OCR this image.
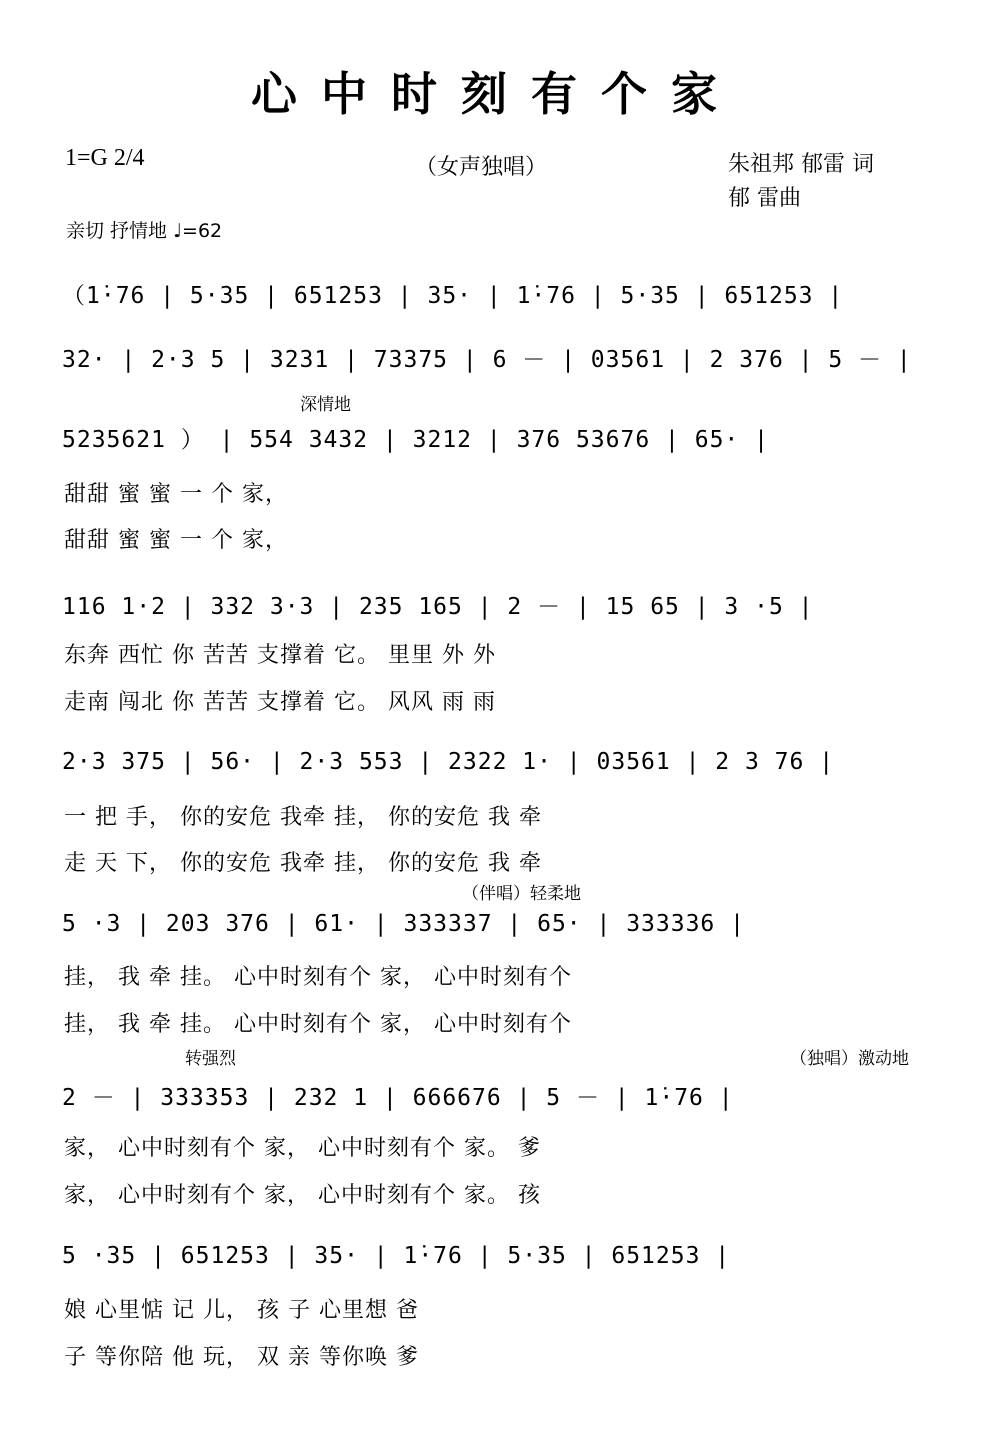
心中时刻有个家
1=G 2/4	（女声独唱）	朱祖邦 郁雷 词
郁 雷曲
亲切 抒情地 ♩=62
深情地
（伴唱）轻柔地
转强烈	（独唱）激动地
（1̇·76 | 5·35 | 651253 | 35· | 1̇·76 | 5·35 | 651253 |
32· | 2·3 5 | 3231 | 73375 | 6 － | 03561 | 2 376 | 5 － |
5235621 ） | 554 3432 | 3212 | 376 53676 | 65· |
甜甜 蜜 蜜 一 个 家，
甜甜 蜜 蜜 一 个 家，
116 1·2 | 332 3·3 | 235 165 | 2 － | 15 65 | 3 ·5 |
东奔 西忙 你 苦苦 支撑着 它。 里里 外 外
走南 闯北 你 苦苦 支撑着 它。 风风 雨 雨
2·3 375 | 56· | 2·3 553 | 2322 1· | 03561 | 2 3 76 |
一 把 手， 你的安危 我牵 挂， 你的安危 我 牵
走 天 下， 你的安危 我牵 挂， 你的安危 我 牵
5 ·3 | 203 376 | 61· | 333337 | 65· | 333336 |
挂， 我 牵 挂。 心中时刻有个 家， 心中时刻有个
挂， 我 牵 挂。 心中时刻有个 家， 心中时刻有个
2 － | 333353 | 232 1 | 666676 | 5 － | 1̇·76 |
家， 心中时刻有个 家， 心中时刻有个 家。 爹
家， 心中时刻有个 家， 心中时刻有个 家。 孩
5 ·35 | 651253 | 35· | 1̇·76 | 5·35 | 651253 |
娘 心里惦 记 儿， 孩 子 心里想 爸
子 等你陪 他 玩， 双 亲 等你唤 爹
